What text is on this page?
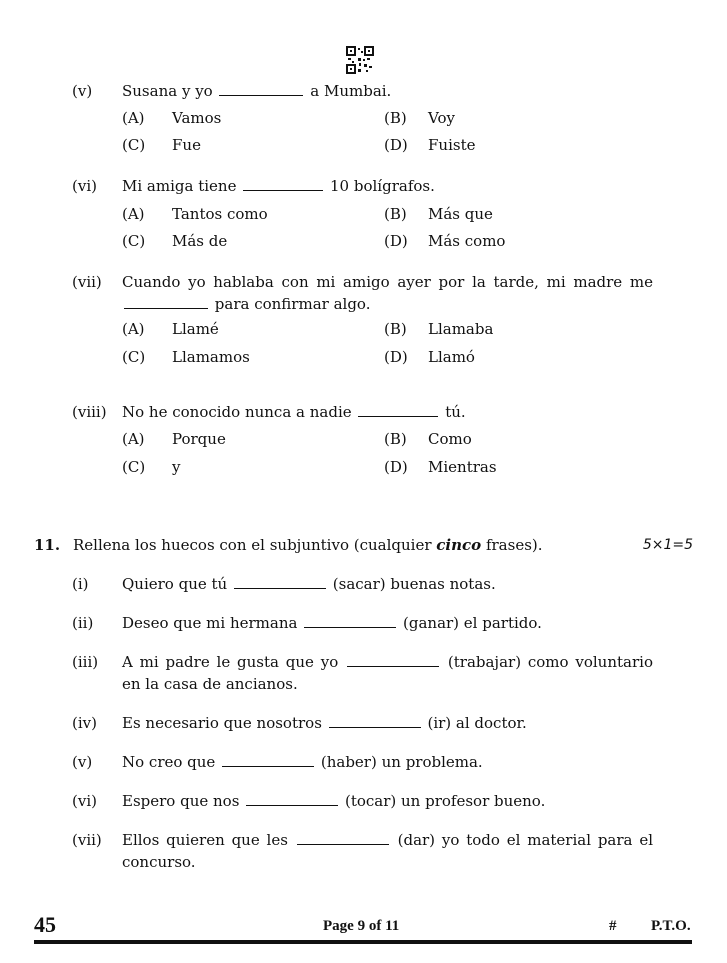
(v) Susana y yo	a Mumbai.
(A) Vamos	(B) Voy
(C) Fue	(D) Fuiste
(vi) Mi amiga tiene	10 bolígrafos.
(A) Tantos como	(B) Más que
(C) Más de	(D) Más como
(vii) Cuando yo hablaba con mi amigo ayer por la tarde, mi madre me  para confirmar algo.
(A) Llamé	(B) Llamaba
(C) Llamamos	(D) Llamó
(viii) No he conocido nunca a nadie	tú.
(A) Porque	(B) Como
(C) y	(D) Mientras
11. Rellena los huecos con el subjuntivo (cualquier cinco frases).	5×1=5
(i) Quiero que tú	(sacar) buenas notas.
(ii) Deseo que mi hermana	(ganar) el partido.
(iii) A mi padre le gusta que yo	(trabajar) como voluntario en la casa de ancianos.
(iv) Es necesario que nosotros	(ir) al doctor.
(v) No creo que	(haber) un problema.
(vi) Espero que nos	(tocar) un profesor bueno.
(vii) Ellos quieren que les	(dar) yo todo el material para el concurso.
45	Page 9 of 11	# P.T.O.
